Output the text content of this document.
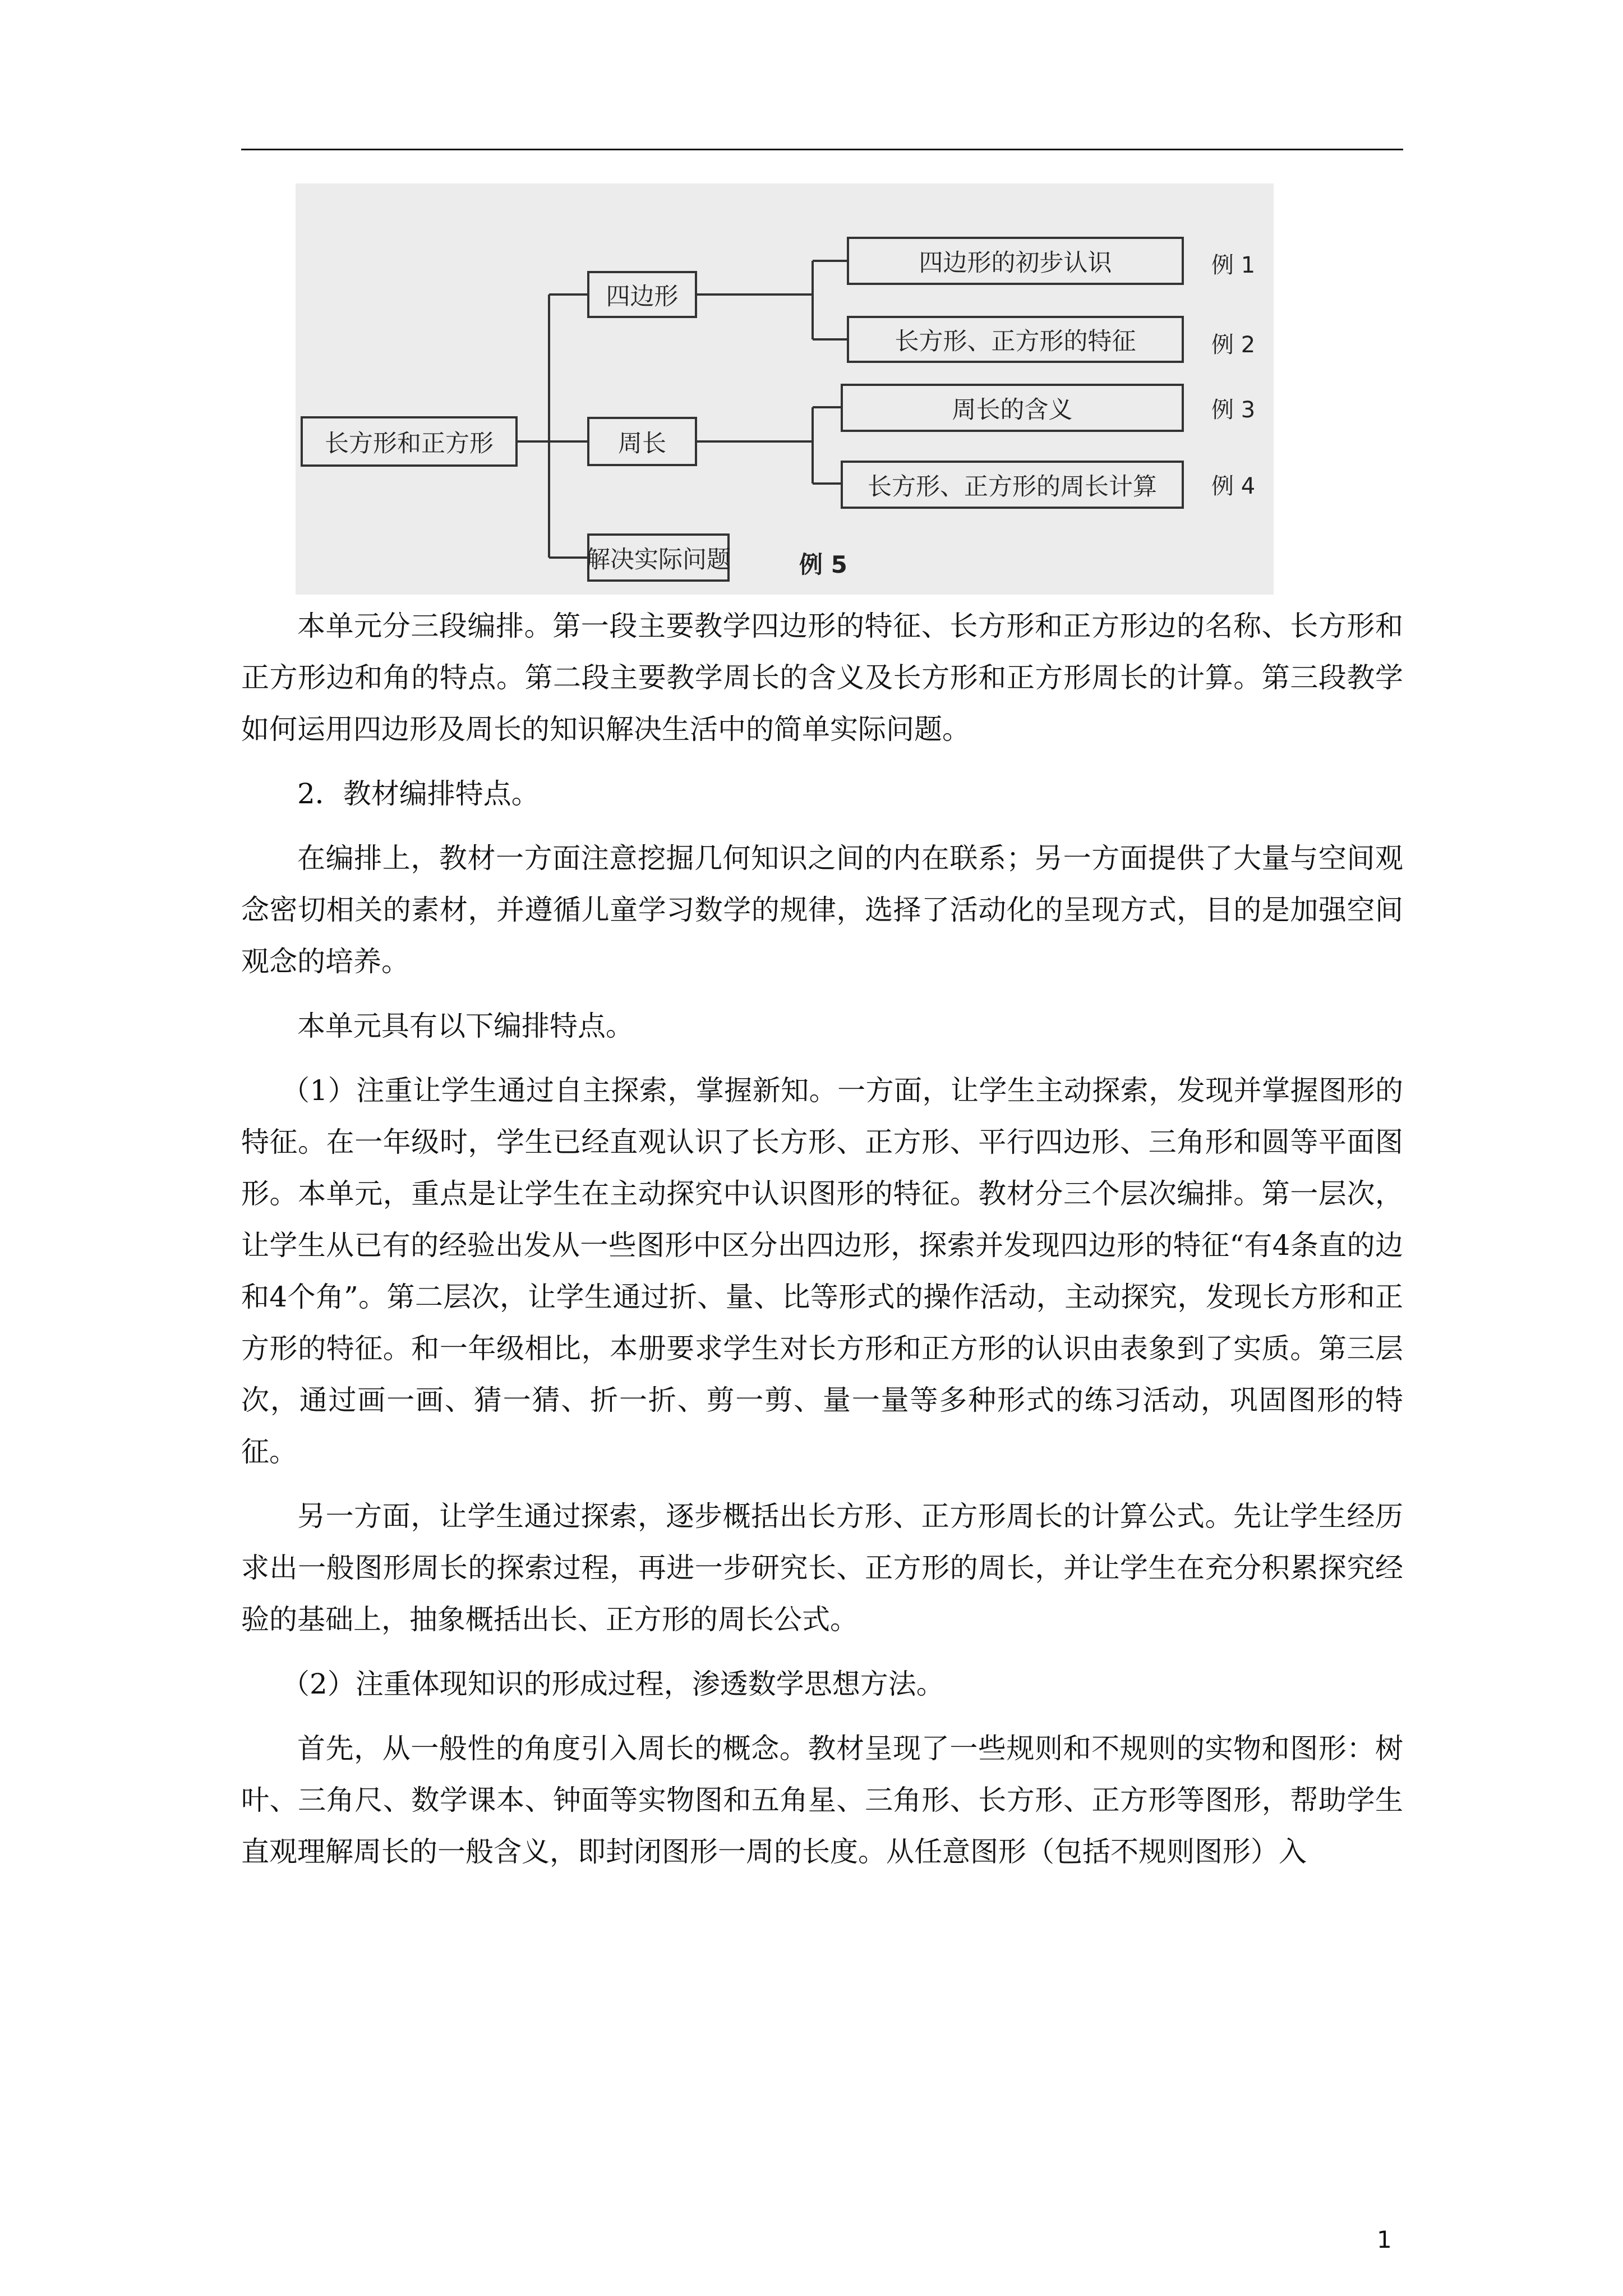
长方形和正方形
四边形
周长
解决实际问题
四边形的初步认识
长方形、正方形的特征
周长的含义
长方形、正方形的周长计算
例 1
例 2
例 3
例 4
例 5

本单元分三段编排。第一段主要教学四边形的特征、长方形和正方形边的名称、长方形和正方形边和角的特点。第二段主要教学周长的含义及长方形和正方形周长的计算。第三段教学如何运用四边形及周长的知识解决生活中的简单实际问题。

2．教材编排特点。

在编排上，教材一方面注意挖掘几何知识之间的内在联系；另一方面提供了大量与空间观念密切相关的素材，并遵循儿童学习数学的规律，选择了活动化的呈现方式，目的是加强空间观念的培养。

本单元具有以下编排特点。

（1）注重让学生通过自主探索，掌握新知。一方面，让学生主动探索，发现并掌握图形的特征。在一年级时，学生已经直观认识了长方形、正方形、平行四边形、三角形和圆等平面图形。本单元，重点是让学生在主动探究中认识图形的特征。教材分三个层次编排。第一层次，让学生从已有的经验出发从一些图形中区分出四边形，探索并发现四边形的特征“有4条直的边和4个角”。第二层次，让学生通过折、量、比等形式的操作活动，主动探究，发现长方形和正方形的特征。和一年级相比，本册要求学生对长方形和正方形的认识由表象到了实质。第三层次，通过画一画、猜一猜、折一折、剪一剪、量一量等多种形式的练习活动，巩固图形的特征。

另一方面，让学生通过探索，逐步概括出长方形、正方形周长的计算公式。先让学生经历求出一般图形周长的探索过程，再进一步研究长、正方形的周长，并让学生在充分积累探究经验的基础上，抽象概括出长、正方形的周长公式。

（2）注重体现知识的形成过程，渗透数学思想方法。

首先，从一般性的角度引入周长的概念。教材呈现了一些规则和不规则的实物和图形：树叶、三角尺、数学课本、钟面等实物图和五角星、三角形、长方形、正方形等图形，帮助学生直观理解周长的一般含义，即封闭图形一周的长度。从任意图形（包括不规则图形）入

1
